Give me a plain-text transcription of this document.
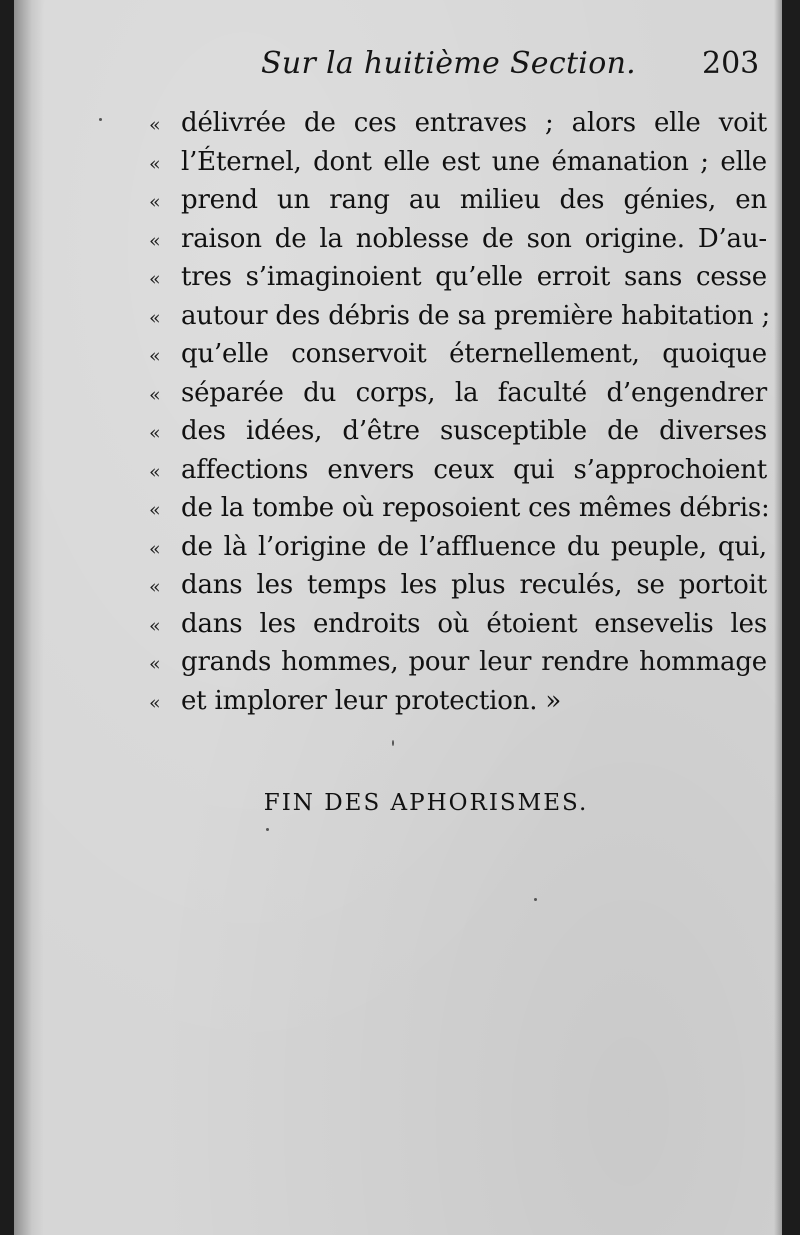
Sur la huitième Section. 203
« délivrée de ces entraves ; alors elle voit
« l’Éternel, dont elle est une émanation ; elle
« prend un rang au milieu des génies, en
« raison de la noblesse de son origine. D’au-
« tres s’imaginoient qu’elle erroit sans cesse
« autour des débris de sa première habitation ;
« qu’elle conservoit éternellement, quoique
« séparée du corps, la faculté d’engendrer
« des idées, d’être susceptible de diverses
« affections envers ceux qui s’approchoient
« de la tombe où reposoient ces mêmes débris:
« de là l’origine de l’affluence du peuple, qui,
« dans les temps les plus reculés, se portoit
« dans les endroits où étoient ensevelis les
« grands hommes, pour leur rendre hommage
« et implorer leur protection. »
FIN DES APHORISMES.
